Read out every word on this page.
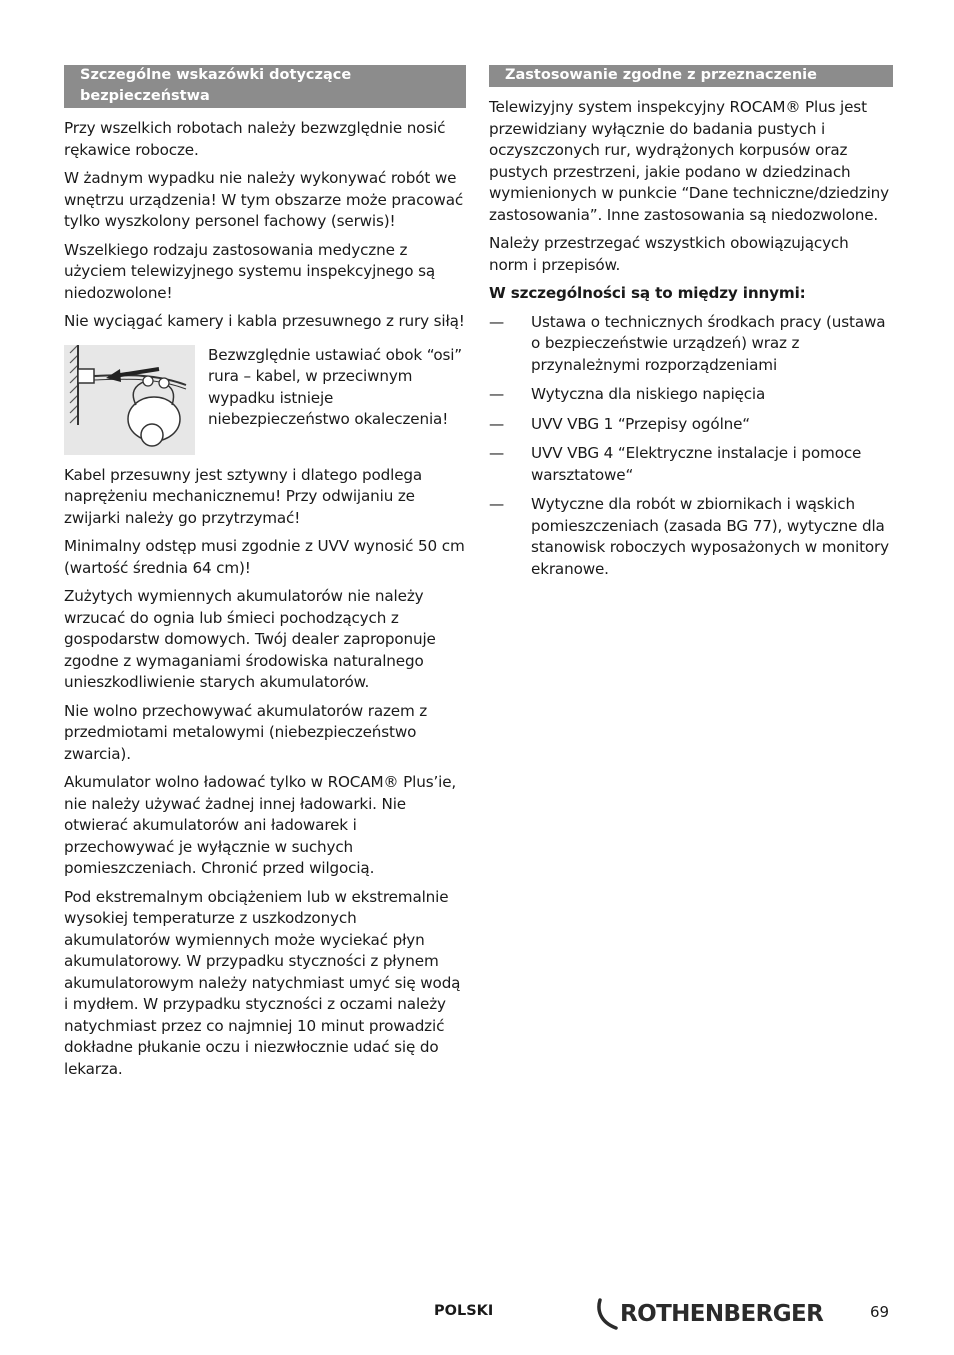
Szczególne wskazówki dotyczące bezpieczeństwa

Przy wszelkich robotach należy bezwzględnie nosić rękawice robocze.

W żadnym wypadku nie należy wykonywać robót we wnętrzu urządzenia! W tym obszarze może pracować tylko wyszkolony personel fachowy (serwis)!

Wszelkiego rodzaju zastosowania medyczne z użyciem telewizyjnego systemu inspekcyjnego są niedozwolone!

Nie wyciągać kamery i kabla przesuwnego z rury siłą!

Bezwzględnie ustawiać obok “osi” rura – kabel, w przeciwnym wypadku istnieje niebezpieczeństwo okaleczenia!

Kabel przesuwny jest sztywny i dlatego podlega naprężeniu mechanicznemu! Przy odwijaniu ze zwijarki należy go przytrzymać!

Minimalny odstęp musi zgodnie z UVV wynosić 50 cm (wartość średnia 64 cm)!

Zużytych wymiennych akumulatorów nie należy wrzucać do ognia lub śmieci pochodzących z gospodarstw domowych. Twój dealer zaproponuje zgodne z wymaganiami środowiska naturalnego unieszkodliwienie starych akumulatorów.

Nie wolno przechowywać akumulatorów razem z przedmiotami metalowymi (niebezpieczeństwo zwarcia).

Akumulator wolno ładować tylko w ROCAM® Plus’ie, nie należy używać żadnej innej ładowarki. Nie otwierać akumulatorów ani ładowarek i przechowywać je wyłącznie w suchych pomieszczeniach. Chronić przed wilgocią.

Pod ekstremalnym obciążeniem lub w ekstremalnie wysokiej temperaturze z uszkodzonych akumulatorów wymiennych może wyciekać płyn akumulatorowy. W przypadku styczności z płynem akumulatorowym należy natychmiast umyć się wodą i mydłem. W przypadku styczności z oczami należy natychmiast przez co najmniej 10 minut prowadzić dokładne płukanie oczu i niezwłocznie udać się do lekarza.

Zastosowanie zgodne z przeznaczenie

Telewizyjny system inspekcyjny ROCAM® Plus jest przewidziany wyłącznie do badania pustych i oczyszczonych rur, wydrążonych korpusów oraz pustych przestrzeni, jakie podano w dziedzinach wymienionych w punkcie “Dane techniczne/dziedziny zastosowania”. Inne zastosowania są niedozwolone.

Należy przestrzegać wszystkich obowiązujących norm i przepisów.

W szczególności są to między innymi:

—	Ustawa o technicznych środkach pracy (ustawa o bezpieczeństwie urządzeń) wraz z przynależnymi rozporządzeniami
—	Wytyczna dla niskiego napięcia
—	UVV VBG 1 “Przepisy ogólne“
—	UVV VBG 4 “Elektryczne instalacje i pomoce warsztatowe“
—	Wytyczne dla robót w zbiornikach i wąskich pomieszczeniach (zasada BG 77), wytyczne dla stanowisk roboczych wyposażonych w monitory ekranowe.
POLSKI	ROTHENBERGER	69
